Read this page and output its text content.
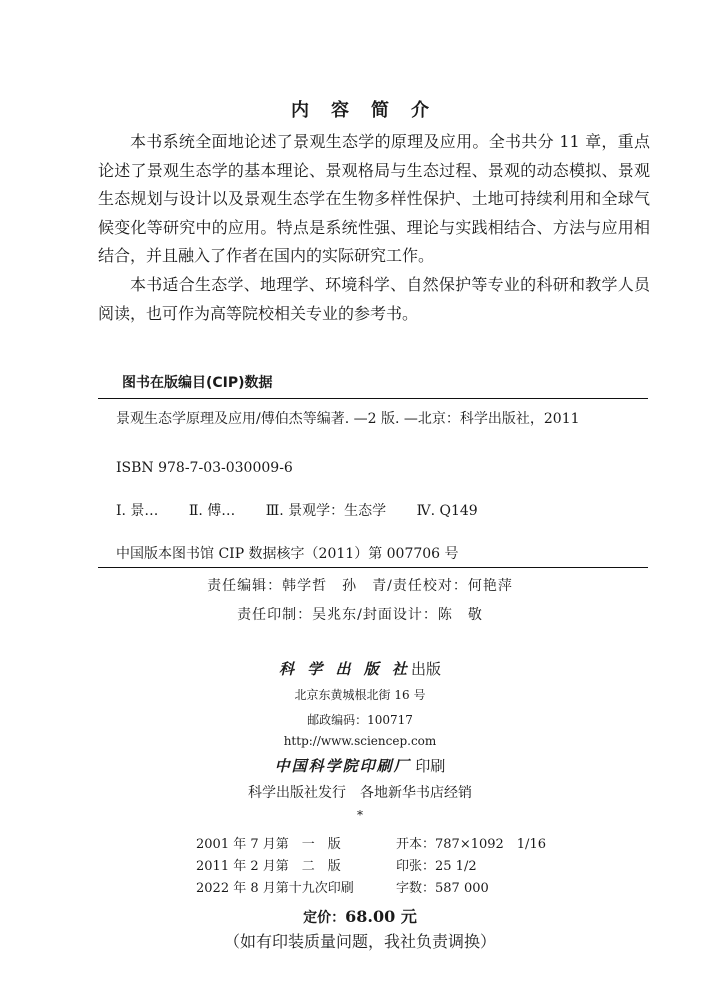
内容简介

本书系统全面地论述了景观生态学的原理及应用。全书共分 11 章，重点论述了景观生态学的基本理论、景观格局与生态过程、景观的动态模拟、景观生态规划与设计以及景观生态学在生物多样性保护、土地可持续利用和全球气候变化等研究中的应用。特点是系统性强、理论与实践相结合、方法与应用相结合，并且融入了作者在国内的实际研究工作。

本书适合生态学、地理学、环境科学、自然保护等专业的科研和教学人员阅读，也可作为高等院校相关专业的参考书。

图书在版编目(CIP)数据
景观生态学原理及应用/傅伯杰等编著. —2 版. —北京：科学出版社，2011
ISBN 978-7-03-030009-6
Ⅰ. 景… Ⅱ. 傅… Ⅲ. 景观学：生态学 Ⅳ. Q149
中国版本图书馆 CIP 数据核字（2011）第 007706 号
责任编辑：韩学哲　孙　青/责任校对：何艳萍
责任印制：吴兆东/封面设计：陈　敬
科 学 出 版 社出版
北京东黄城根北街 16 号
邮政编码：100717
http://www.sciencep.com
中国科学院印刷厂 印刷
科学出版社发行　各地新华书店经销
*
2001 年 7 月第　一　版	开本：787×1092　1/16
2011 年 2 月第　二　版	印张：25 1/2
2022 年 8 月第十九次印刷	字数：587 000
定价：68.00 元
（如有印装质量问题，我社负责调换）
